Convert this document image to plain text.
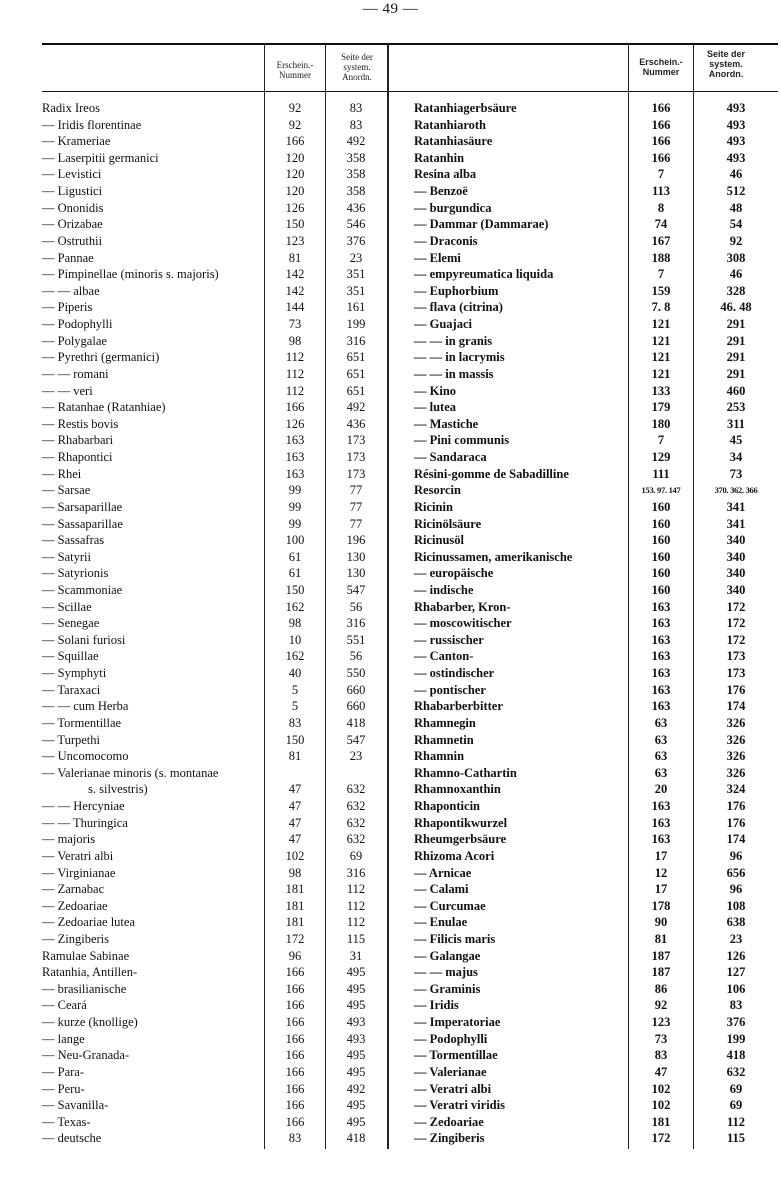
— 49 —
Erschein.- Nummer
Seite der system. Anordn.
Erschein.- Nummer
Seite der system. Anordn.
Radix Ireos	92	83
— Iridis florentinae	92	83
— Krameriae	166	492
— Laserpitii germanici	120	358
— Levistici	120	358
— Ligustici	120	358
— Ononidis	126	436
— Orizabae	150	546
— Ostruthii	123	376
— Pannae	81	23
— Pimpinellae (minoris s. majoris)	142	351
— — albae	142	351
— Piperis	144	161
— Podophylli	73	199
— Polygalae	98	316
— Pyrethri (germanici)	112	651
— — romani	112	651
— — veri	112	651
— Ratanhae (Ratanhiae)	166	492
— Restis bovis	126	436
— Rhabarbari	163	173
— Rhapontici	163	173
— Rhei	163	173
— Sarsae	99	77
— Sarsaparillae	99	77
— Sassaparillae	99	77
— Sassafras	100	196
— Satyrii	61	130
— Satyrionis	61	130
— Scammoniae	150	547
— Scillae	162	56
— Senegae	98	316
— Solani furiosi	10	551
— Squillae	162	56
— Symphyti	40	550
— Taraxaci	5	660
— — cum Herba	5	660
— Tormentillae	83	418
— Turpethi	150	547
— Uncomocomo	81	23
— Valerianae minoris (s. montanae
s. silvestris)	47	632
— — Hercyniae	47	632
— — Thuringica	47	632
— majoris	47	632
— Veratri albi	102	69
— Virginianae	98	316
— Zarnabac	181	112
— Zedoariae	181	112
— Zedoariae lutea	181	112
— Zingiberis	172	115
Ramulae Sabinae	96	31
Ratanhia, Antillen-	166	495
— brasilianische	166	495
— Ceará	166	495
— kurze (knollige)	166	493
— lange	166	493
— Neu-Granada-	166	495
— Para-	166	495
— Peru-	166	492
— Savanilla-	166	495
— Texas-	166	495
— deutsche	83	418
Ratanhiagerbsäure	166	493
Ratanhiaroth	166	493
Ratanhiasäure	166	493
Ratanhin	166	493
Resina alba	7	46
— Benzoë	113	512
— burgundica	8	48
— Dammar (Dammarae)	74	54
— Draconis	167	92
— Elemi	188	308
— empyreumatica liquida	7	46
— Euphorbium	159	328
— flava (citrina)	7. 8	46. 48
— Guajaci	121	291
— — in granis	121	291
— — in lacrymis	121	291
— — in massis	121	291
— Kino	133	460
— lutea	179	253
— Mastiche	180	311
— Pini communis	7	45
— Sandaraca	129	34
Résini-gomme de Sabadilline	111	73
Resorcin	153. 97. 147	370. 362. 366
Ricinin	160	341
Ricinölsäure	160	341
Ricinusöl	160	340
Ricinussamen, amerikanische	160	340
— europäische	160	340
— indische	160	340
Rhabarber, Kron-	163	172
— moscowitischer	163	172
— russischer	163	172
— Canton-	163	173
— ostindischer	163	173
— pontischer	163	176
Rhabarberbitter	163	174
Rhamnegin	63	326
Rhamnetin	63	326
Rhamnin	63	326
Rhamno-Cathartin	63	326
Rhamnoxanthin	20	324
Rhaponticin	163	176
Rhapontikwurzel	163	176
Rheumgerbsäure	163	174
Rhizoma Acori	17	96
— Arnicae	12	656
— Calami	17	96
— Curcumae	178	108
— Enulae	90	638
— Filicis maris	81	23
— Galangae	187	126
— — majus	187	127
— Graminis	86	106
— Iridis	92	83
— Imperatoriae	123	376
— Podophylli	73	199
— Tormentillae	83	418
— Valerianae	47	632
— Veratri albi	102	69
— Veratri viridis	102	69
— Zedoariae	181	112
— Zingiberis	172	115
